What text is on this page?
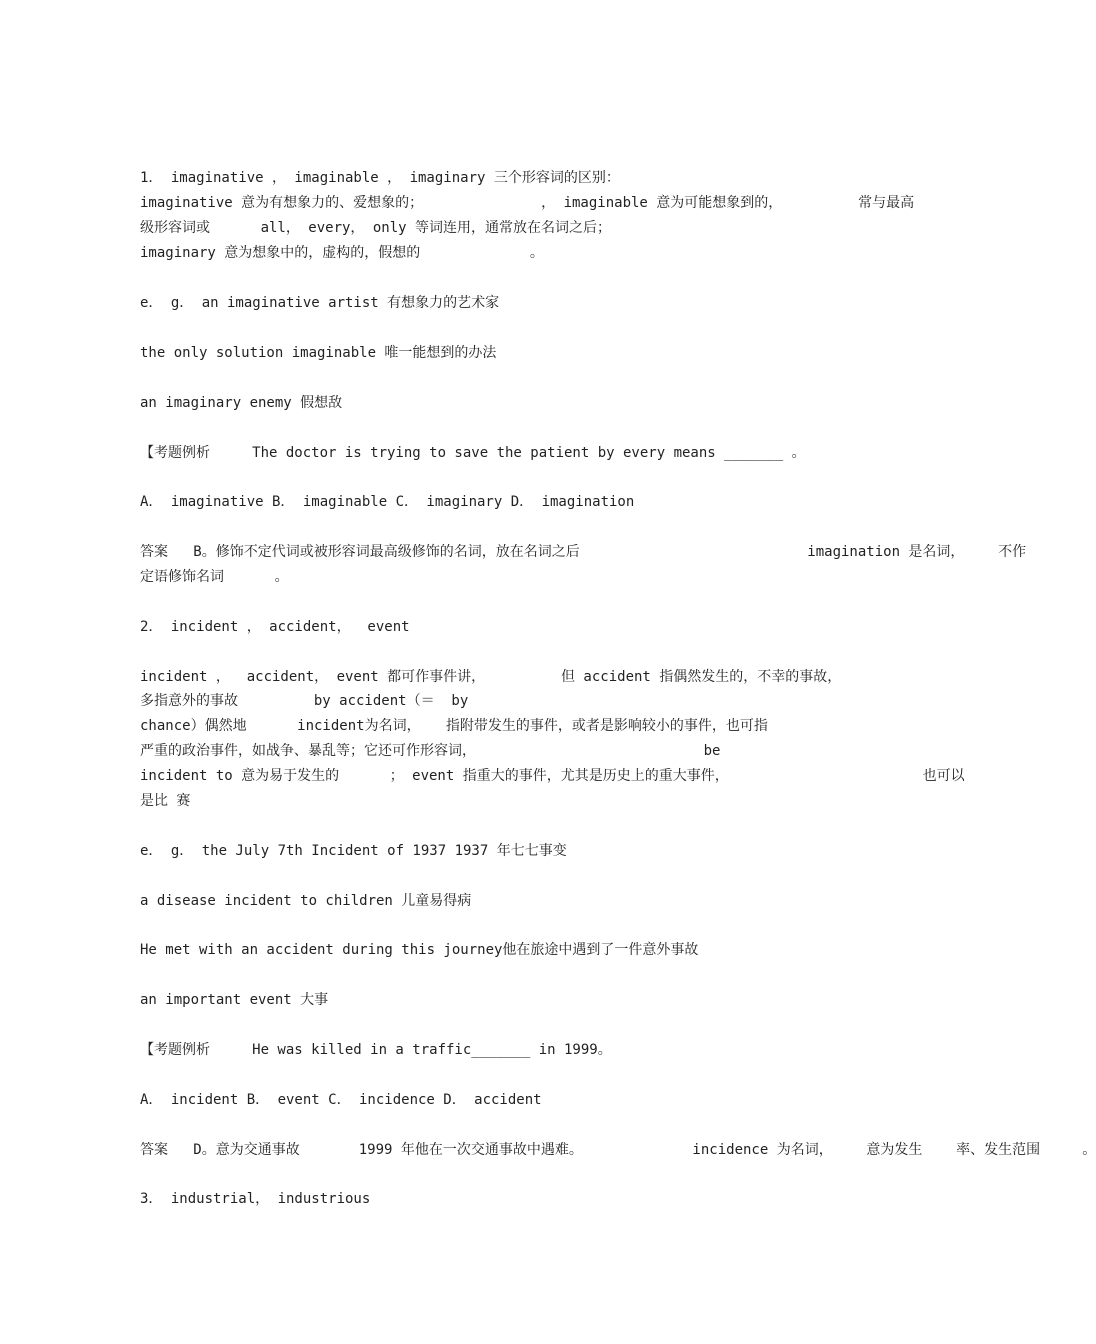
1． imaginative ， imaginable ， imaginary 三个形容词的区别：
imaginative 意为有想象力的、爱想象的；              ， imaginable 意为可能想象到的，         常与最高
级形容词或      all， every， only 等词连用，通常放在名词之后；
imaginary 意为想象中的，虚构的，假想的             。
e． g． an imaginative artist 有想象力的艺术家
the only solution imaginable 唯一能想到的办法
an imaginary enemy 假想敌
【考题例析     The doctor is trying to save the patient by every means _______ 。
A． imaginative B． imaginable C． imaginary D． imagination
答案   B。修饰不定代词或被形容词最高级修饰的名词，放在名词之后                           imagination 是名词，    不作
定语修饰名词      。
2． incident ， accident，  event
incident ，  accident， event 都可作事件讲，         但 accident 指偶然发生的，不幸的事故，
多指意外的事故         by accident（＝  by
chance）偶然地      incident为名词，   指附带发生的事件，或者是影响较小的事件，也可指
严重的政治事件，如战争、暴乱等；它还可作形容词，                           be
incident to 意为易于发生的      ； event 指重大的事件，尤其是历史上的重大事件，                       也可以
是比 赛
e． g． the July 7th Incident of 1937 1937 年七七事变
a disease incident to children 儿童易得病
He met with an accident during this journey他在旅途中遇到了一件意外事故
an important event 大事
【考题例析     He was killed in a traffic_______ in 1999。
A． incident B． event C． incidence D． accident
答案   D。意为交通事故       1999 年他在一次交通事故中遇难。             incidence 为名词，    意为发生    率、发生范围     。
3． industrial， industrious
